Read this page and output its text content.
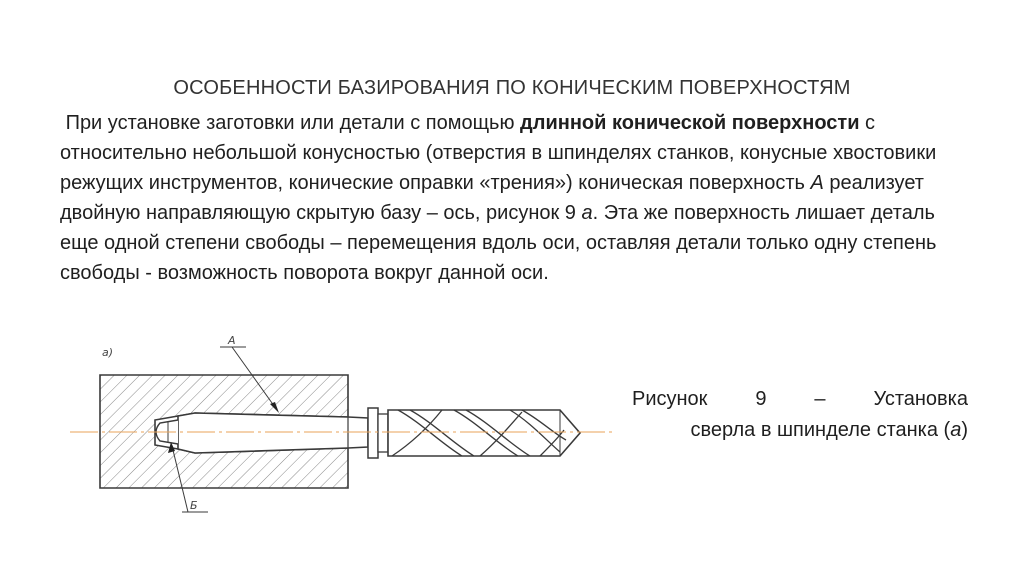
ОСОБЕННОСТИ БАЗИРОВАНИЯ ПО КОНИЧЕСКИМ ПОВЕРХНОСТЯМ
При установке заготовки или детали с помощью длинной конической поверхности с относительно небольшой конусностью (отверстия в шпинделях станков, конусные хвостовики режущих инструментов, конические оправки «трения») коническая поверхность А реализует двойную направляющую скрытую базу – ось, рисунок 9 а. Эта же поверхность лишает деталь еще одной степени свободы – перемещения вдоль оси, оставляя детали только одну степень свободы - возможность поворота вокруг данной оси.
Рисунок 9 – Установка
сверла в шпинделе станка (а)
А
Б
а)
